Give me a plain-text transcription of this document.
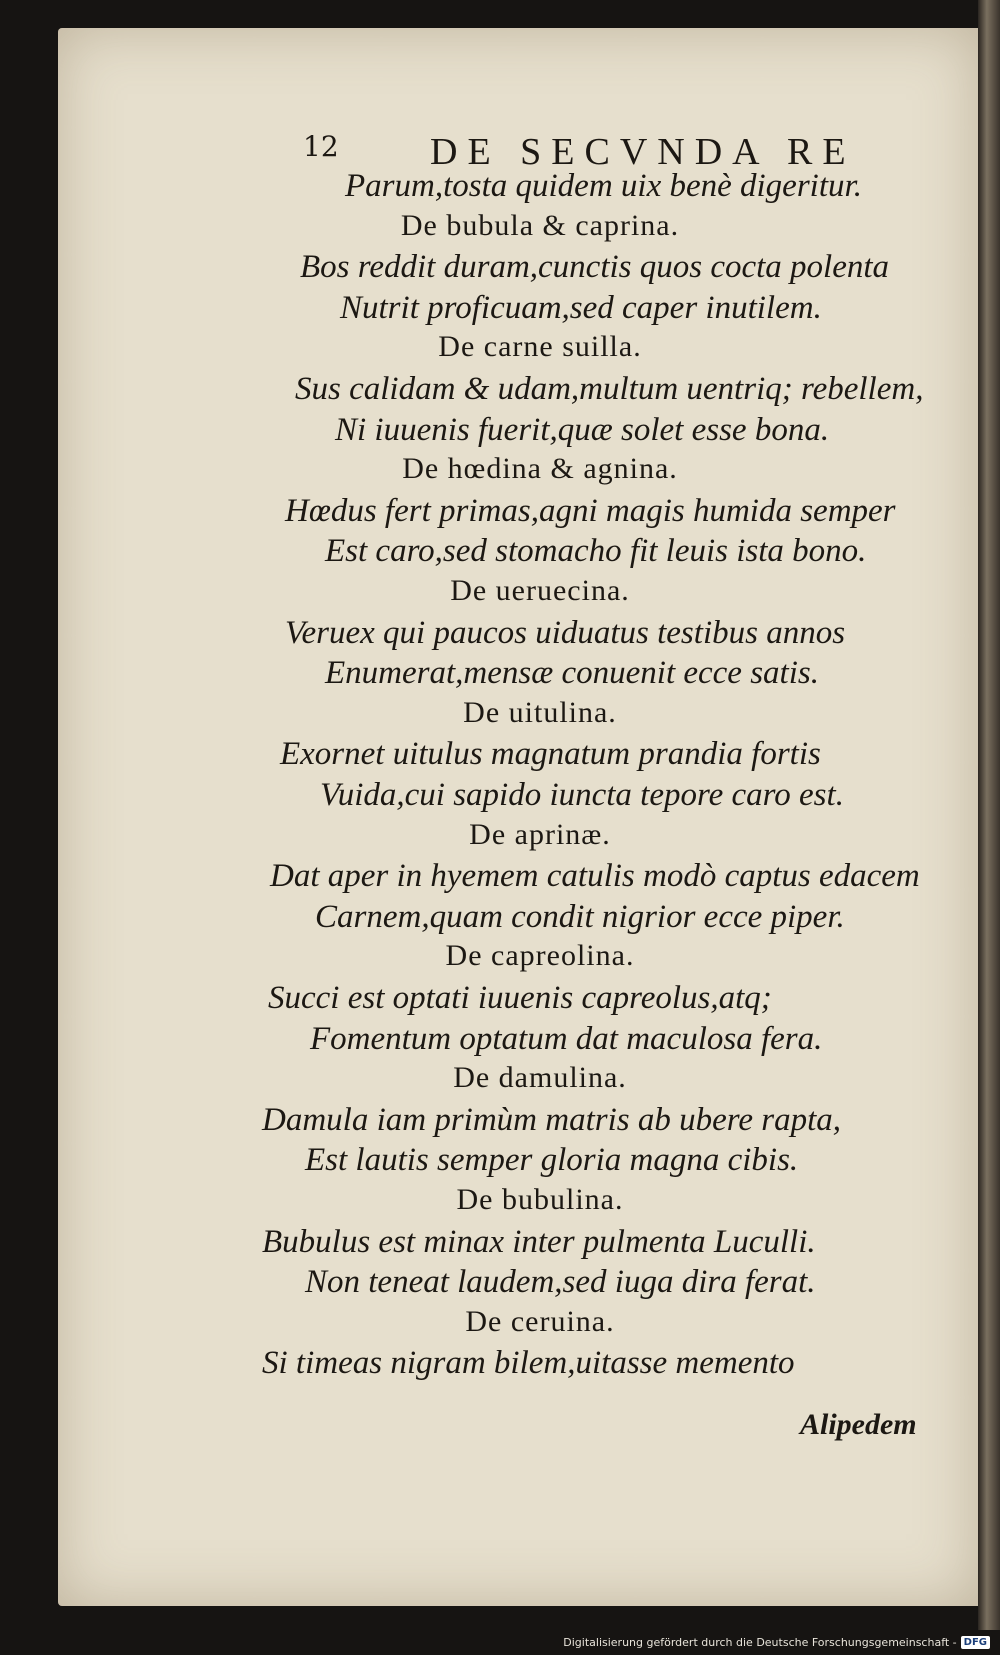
12 DE SECVNDA RE
Parum,tosta quidem uix benè digeritur.
De bubula & caprina.
Bos reddit duram,cunctis quos cocta polenta
Nutrit proficuam,sed caper inutilem.
De carne suilla.
Sus calidam & udam,multum uentriq; rebellem,
Ni iuuenis fuerit,quæ solet esse bona.
De hœdina & agnina.
Hœdus fert primas,agni magis humida semper
Est caro,sed stomacho fit leuis ista bono.
De ueruecina.
Veruex qui paucos uiduatus testibus annos
Enumerat,mensæ conuenit ecce satis.
De uitulina.
Exornet uitulus magnatum prandia fortis
Vuida,cui sapido iuncta tepore caro est.
De aprinæ.
Dat aper in hyemem catulis modò captus edacem
Carnem,quam condit nigrior ecce piper.
De capreolina.
Succi est optati iuuenis capreolus,atq;
Fomentum optatum dat maculosa fera.
De damulina.
Damula iam primùm matris ab ubere rapta,
Est lautis semper gloria magna cibis.
De bubulina.
Bubulus est minax inter pulmenta Luculli.
Non teneat laudem,sed iuga dira ferat.
De ceruina.
Si timeas nigram bilem,uitasse memento
Alipedem
Digitalisierung gefördert durch die Deutsche Forschungsgemeinschaft - DFG
